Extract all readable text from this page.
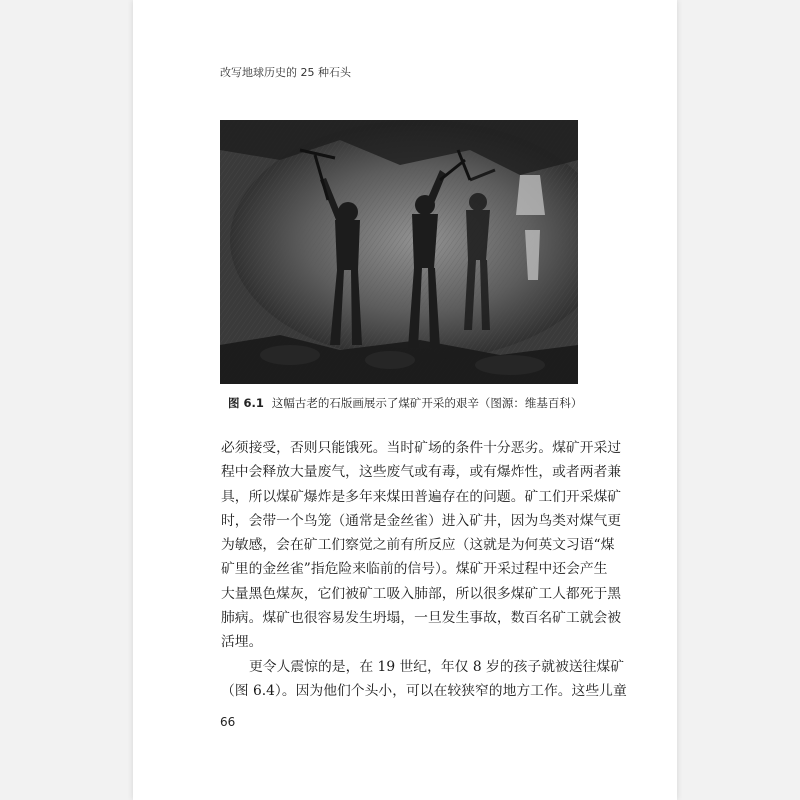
改写地球历史的 25 种石头
图 6.1 这幅古老的石版画展示了煤矿开采的艰辛（图源：维基百科）
必须接受，否则只能饿死。当时矿场的条件十分恶劣。煤矿开采过
程中会释放大量废气，这些废气或有毒，或有爆炸性，或者两者兼
具，所以煤矿爆炸是多年来煤田普遍存在的问题。矿工们开采煤矿
时，会带一个鸟笼（通常是金丝雀）进入矿井，因为鸟类对煤气更
为敏感，会在矿工们察觉之前有所反应（这就是为何英文习语“煤
矿里的金丝雀”指危险来临前的信号）。煤矿开采过程中还会产生
大量黑色煤灰，它们被矿工吸入肺部，所以很多煤矿工人都死于黑
肺病。煤矿也很容易发生坍塌，一旦发生事故，数百名矿工就会被
活埋。
更令人震惊的是，在 19 世纪，年仅 8 岁的孩子就被送往煤矿
（图 6.4）。因为他们个头小，可以在较狭窄的地方工作。这些儿童
66
